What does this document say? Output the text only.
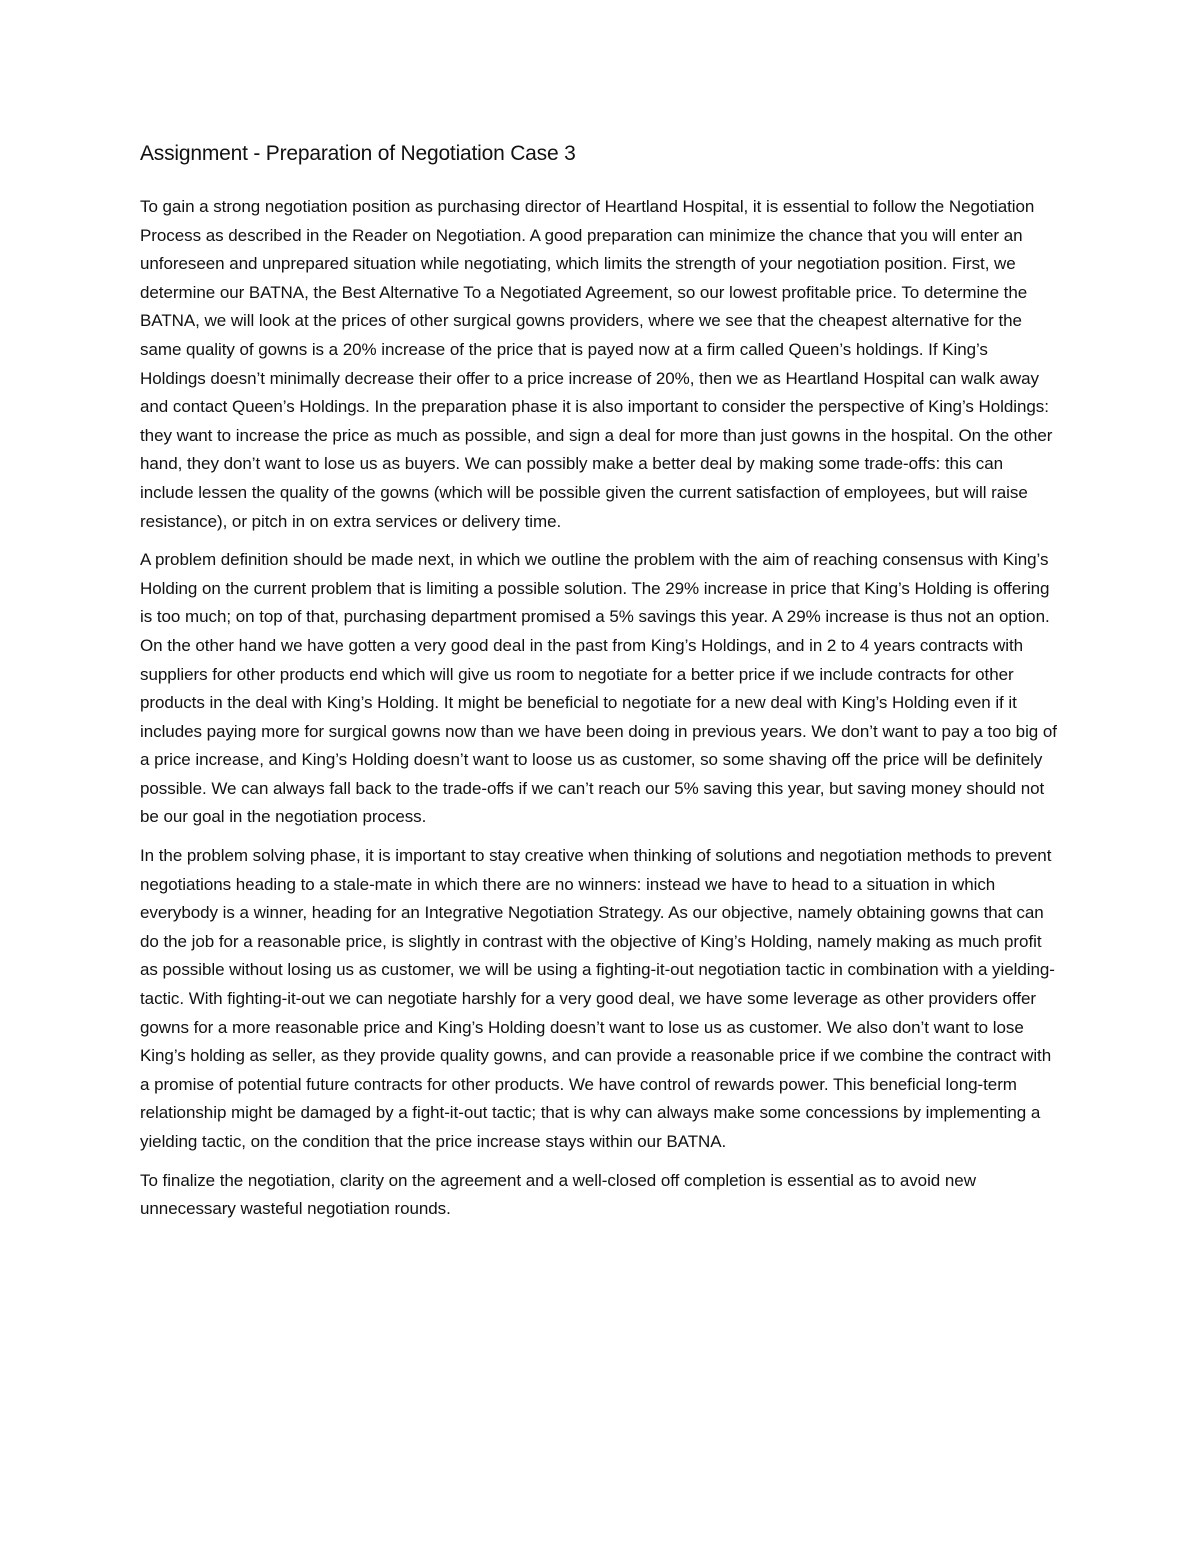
Assignment - Preparation of Negotiation Case 3

To gain a strong negotiation position as purchasing director of Heartland Hospital, it is essential to follow the Negotiation Process as described in the Reader on Negotiation. A good preparation can minimize the chance that you will enter an unforeseen and unprepared situation while negotiating, which limits the strength of your negotiation position. First, we determine our BATNA, the Best Alternative To a Negotiated Agreement, so our lowest profitable price. To determine the BATNA, we will look at the prices of other surgical gowns providers, where we see that the cheapest alternative for the same quality of gowns is a 20% increase of the price that is payed now at a firm called Queen’s holdings. If King’s Holdings doesn’t minimally decrease their offer to a price increase of 20%, then we as Heartland Hospital can walk away and contact Queen’s Holdings. In the preparation phase it is also important to consider the perspective of King’s Holdings: they want to increase the price as much as possible, and sign a deal for more than just gowns in the hospital. On the other hand, they don’t want to lose us as buyers. We can possibly make a better deal by making some trade-offs: this can include lessen the quality of the gowns (which will be possible given the current satisfaction of employees, but will raise resistance), or pitch in on extra services or delivery time.

A problem definition should be made next, in which we outline the problem with the aim of reaching consensus with King’s Holding on the current problem that is limiting a possible solution. The 29% increase in price that King’s Holding is offering is too much; on top of that, purchasing department promised a 5% savings this year. A 29% increase is thus not an option. On the other hand we have gotten a very good deal in the past from King’s Holdings, and in 2 to 4 years contracts with suppliers for other products end which will give us room to negotiate for a better price if we include contracts for other products in the deal with King’s Holding. It might be beneficial to negotiate for a new deal with King’s Holding even if it includes paying more for surgical gowns now than we have been doing in previous years. We don’t want to pay a too big of a price increase, and King’s Holding doesn’t want to loose us as customer, so some shaving off the price will be definitely possible. We can always fall back to the trade-offs if we can’t reach our 5% saving this year, but saving money should not be our goal in the negotiation process.

In the problem solving phase, it is important to stay creative when thinking of solutions and negotiation methods to prevent negotiations heading to a stale-mate in which there are no winners: instead we have to head to a situation in which everybody is a winner, heading for an Integrative Negotiation Strategy. As our objective, namely obtaining gowns that can do the job for a reasonable price, is slightly in contrast with the objective of King’s Holding, namely making as much profit as possible without losing us as customer, we will be using a fighting-it-out negotiation tactic in combination with a yielding-tactic. With fighting-it-out we can negotiate harshly for a very good deal, we have some leverage as other providers offer gowns for a more reasonable price and King’s Holding doesn’t want to lose us as customer. We also don’t want to lose King’s holding as seller, as they provide quality gowns, and can provide a reasonable price if we combine the contract with a promise of potential future contracts for other products. We have control of rewards power. This beneficial long-term relationship might be damaged by a fight-it-out tactic; that is why can always make some concessions by implementing a yielding tactic, on the condition that the price increase stays within our BATNA.

To finalize the negotiation, clarity on the agreement and a well-closed off completion is essential as to avoid new unnecessary wasteful negotiation rounds.
